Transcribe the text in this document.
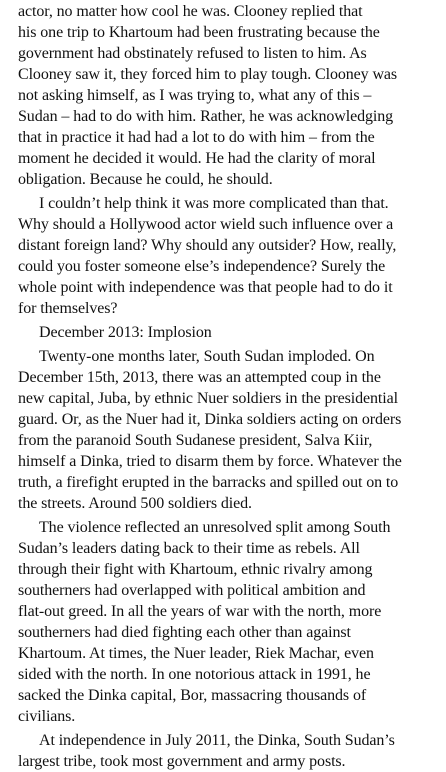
actor, no matter how cool he was. Clooney replied that
his one trip to Khartoum had been frustrating because the
government had obstinately refused to listen to him. As
Clooney saw it, they forced him to play tough. Clooney was
not asking himself, as I was trying to, what any of this –
Sudan – had to do with him. Rather, he was acknowledging
that in practice it had had a lot to do with him – from the
moment he decided it would. He had the clarity of moral
obligation. Because he could, he should.
I couldn’t help think it was more complicated than that.
Why should a Hollywood actor wield such influence over a
distant foreign land? Why should any outsider? How, really,
could you foster someone else’s independence? Surely the
whole point with independence was that people had to do it
for themselves?
December 2013: Implosion
Twenty-one months later, South Sudan imploded. On
December 15th, 2013, there was an attempted coup in the
new capital, Juba, by ethnic Nuer soldiers in the presidential
guard. Or, as the Nuer had it, Dinka soldiers acting on orders
from the paranoid South Sudanese president, Salva Kiir,
himself a Dinka, tried to disarm them by force. Whatever the
truth, a firefight erupted in the barracks and spilled out on to
the streets. Around 500 soldiers died.
The violence reflected an unresolved split among South
Sudan’s leaders dating back to their time as rebels. All
through their fight with Khartoum, ethnic rivalry among
southerners had overlapped with political ambition and
flat-out greed. In all the years of war with the north, more
southerners had died fighting each other than against
Khartoum. At times, the Nuer leader, Riek Machar, even
sided with the north. In one notorious attack in 1991, he
sacked the Dinka capital, Bor, massacring thousands of
civilians.
At independence in July 2011, the Dinka, South Sudan’s
largest tribe, took most government and army posts.
